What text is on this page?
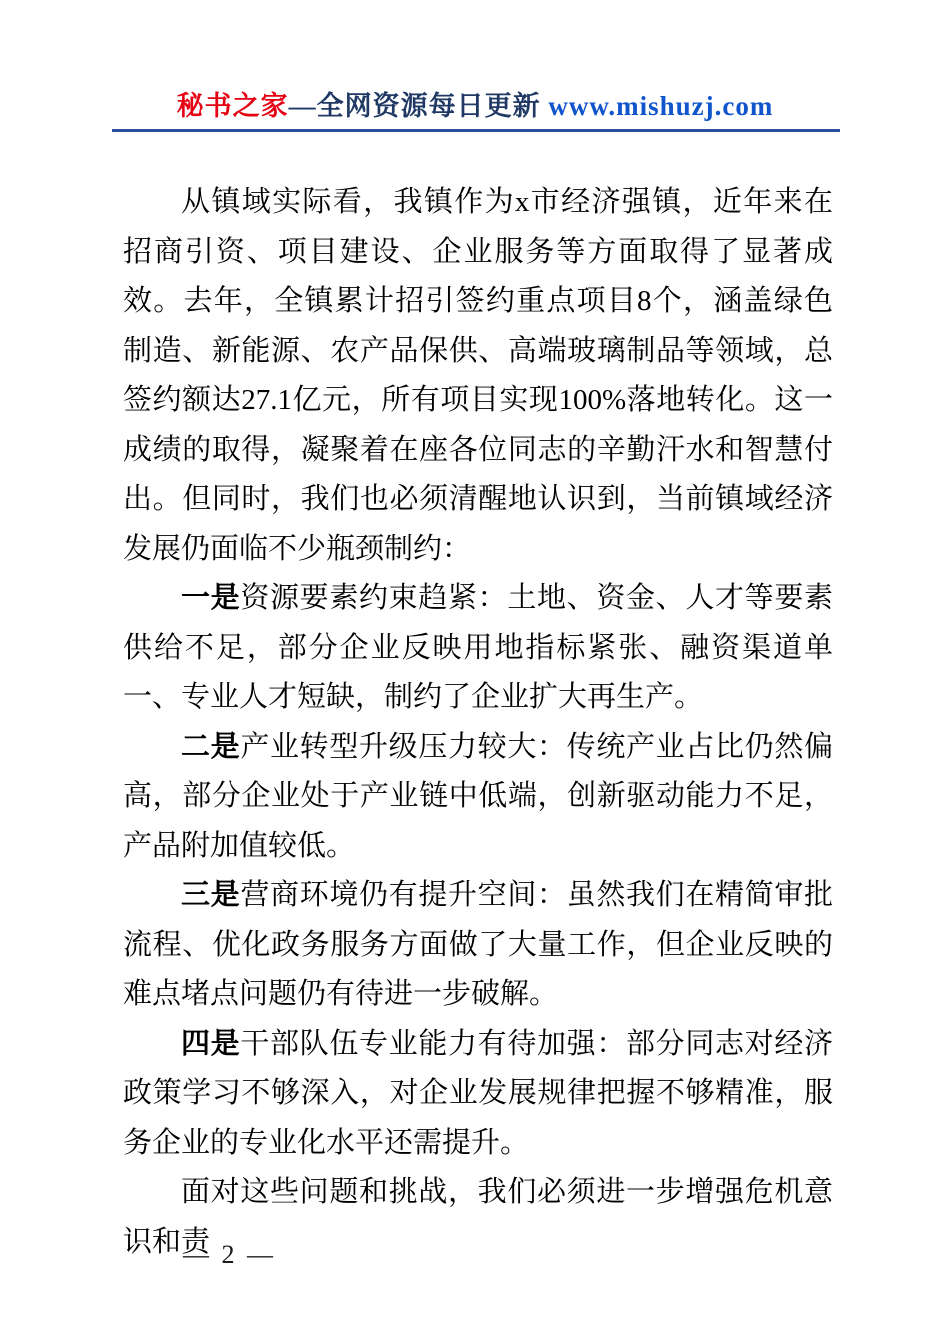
秘书之家—全网资源每日更新 www.mishuzj.com

从镇域实际看，我镇作为x市经济强镇，近年来在招商引资、项目建设、企业服务等方面取得了显著成效。去年，全镇累计招引签约重点项目8个，涵盖绿色制造、新能源、农产品保供、高端玻璃制品等领域，总签约额达27.1亿元，所有项目实现100%落地转化。这一成绩的取得，凝聚着在座各位同志的辛勤汗水和智慧付出。但同时，我们也必须清醒地认识到，当前镇域经济发展仍面临不少瓶颈制约：

一是资源要素约束趋紧：土地、资金、人才等要素供给不足，部分企业反映用地指标紧张、融资渠道单一、专业人才短缺，制约了企业扩大再生产。

二是产业转型升级压力较大：传统产业占比仍然偏高，部分企业处于产业链中低端，创新驱动能力不足，产品附加值较低。

三是营商环境仍有提升空间：虽然我们在精简审批流程、优化政务服务方面做了大量工作，但企业反映的难点堵点问题仍有待进一步破解。

四是干部队伍专业能力有待加强：部分同志对经济政策学习不够深入，对企业发展规律把握不够精准，服务企业的专业化水平还需提升。

面对这些问题和挑战，我们必须进一步增强危机意识和责

— 2 —
